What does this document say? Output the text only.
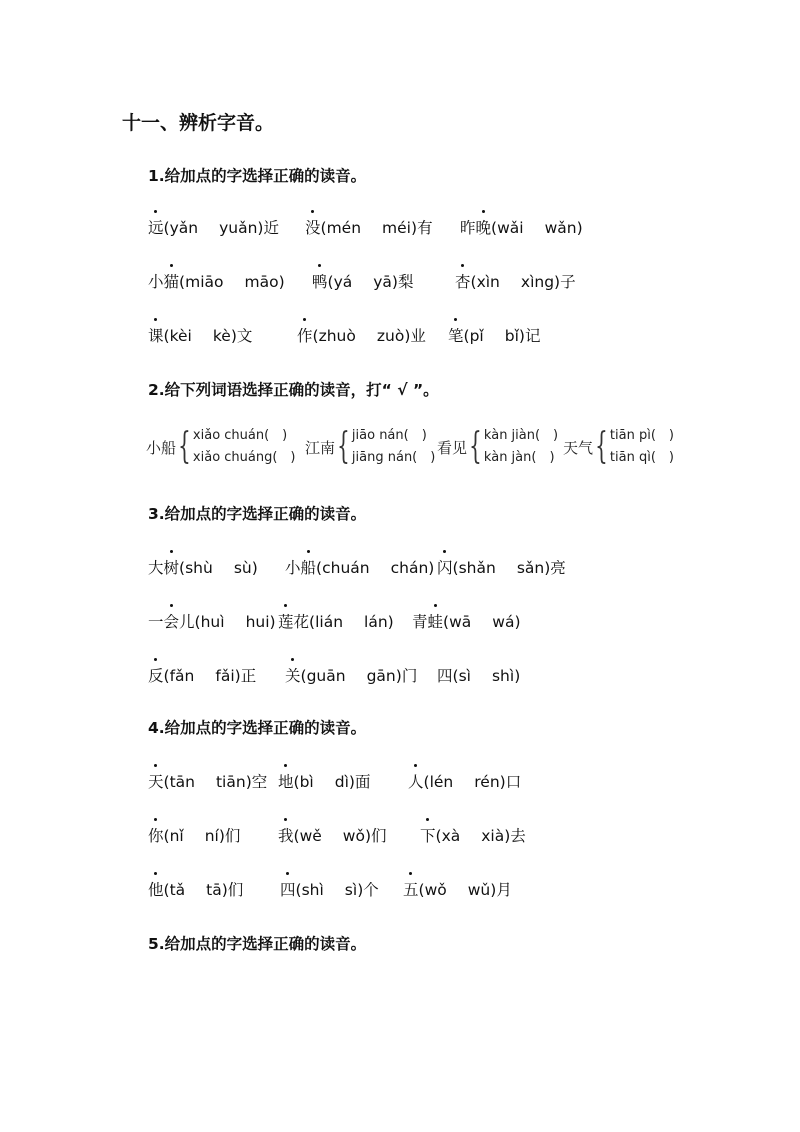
十一、辨析字音。
1.给加点的字选择正确的读音。
远(yǎn yuǎn)近 没(mén méi)有 昨晚(wǎi wǎn)
小猫(miāo māo) 鸭(yá yā)梨	杏(xìn xìng)子
课(kèi kè)文	作(zhuò zuò)业 笔(pǐ bǐ)记
2.给下列词语选择正确的读音，打“ √ ”。
小船 { xiǎo chuán(　)
xiǎo chuáng(　)
江南 { jiāo nán(　)
jiāng nán(　)
看见 { kàn jiàn(　)
kàn jàn(　)
天气 { tiān pì(　)
tiān qì(　)
3.给加点的字选择正确的读音。
大树(shù sù) 小船(chuán chán) 闪(shǎn sǎn)亮
一会儿(huì hui) 莲花(lián lán) 青蛙(wā wá)
反(fǎn fǎi)正 关(guān gān)门 四(sì shì)
4.给加点的字选择正确的读音。
天(tān tiān)空 地(bì dì)面 人(lén rén)口
你(nǐ ní)们 我(wě wǒ)们 下(xà xià)去
他(tǎ tā)们 四(shì sì)个 五(wǒ wǔ)月
5.给加点的字选择正确的读音。
